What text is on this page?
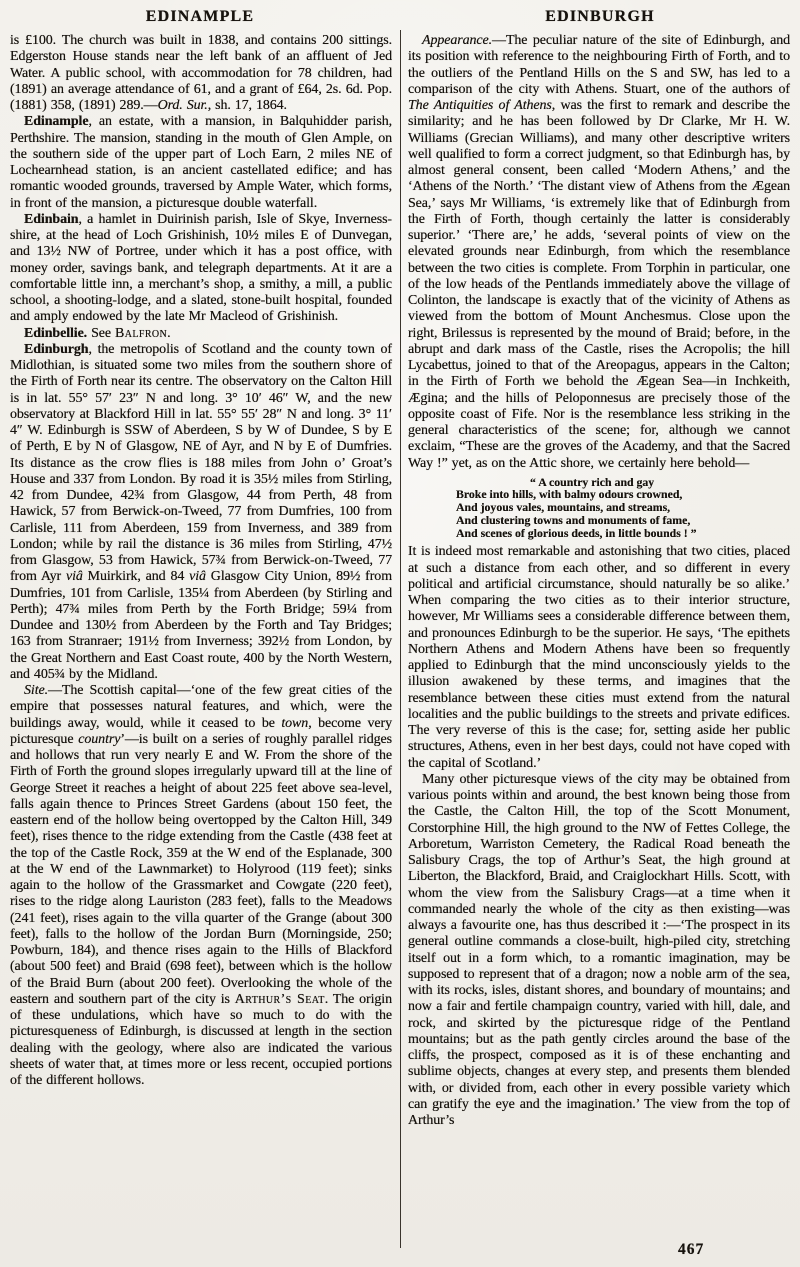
EDINAMPLE	EDINBURGH

is £100. The church was built in 1838, and contains 200 sittings. Edgerston House stands near the left bank of an affluent of Jed Water. A public school, with accommodation for 78 children, had (1891) an average attendance of 61, and a grant of £64, 2s. 6d. Pop. (1881) 358, (1891) 289.—Ord. Sur., sh. 17, 1864.

Edinample, an estate, with a mansion, in Balquhidder parish, Perthshire. The mansion, standing in the mouth of Glen Ample, on the southern side of the upper part of Loch Earn, 2 miles NE of Lochearnhead station, is an ancient castellated edifice; and has romantic wooded grounds, traversed by Ample Water, which forms, in front of the mansion, a picturesque double waterfall.

Edinbain, a hamlet in Duirinish parish, Isle of Skye, Inverness-shire, at the head of Loch Grishinish, 10½ miles E of Dunvegan, and 13½ NW of Portree, under which it has a post office, with money order, savings bank, and telegraph departments. At it are a comfortable little inn, a merchant’s shop, a smithy, a mill, a public school, a shooting-lodge, and a slated, stone-built hospital, founded and amply endowed by the late Mr Macleod of Grishinish.

Edinbellie. See Balfron.

Edinburgh, the metropolis of Scotland and the county town of Midlothian, is situated some two miles from the southern shore of the Firth of Forth near its centre. The observatory on the Calton Hill is in lat. 55° 57′ 23″ N and long. 3° 10′ 46″ W, and the new observatory at Blackford Hill in lat. 55° 55′ 28″ N and long. 3° 11′ 4″ W. Edinburgh is SSW of Aberdeen, S by W of Dundee, S by E of Perth, E by N of Glasgow, NE of Ayr, and N by E of Dumfries. Its distance as the crow flies is 188 miles from John o’ Groat’s House and 337 from London. By road it is 35½ miles from Stirling, 42 from Dundee, 42¾ from Glasgow, 44 from Perth, 48 from Hawick, 57 from Berwick-on-Tweed, 77 from Dumfries, 100 from Carlisle, 111 from Aberdeen, 159 from Inverness, and 389 from London; while by rail the distance is 36 miles from Stirling, 47½ from Glasgow, 53 from Hawick, 57¾ from Berwick-on-Tweed, 77 from Ayr viâ Muirkirk, and 84 viâ Glasgow City Union, 89½ from Dumfries, 101 from Carlisle, 135¼ from Aberdeen (by Stirling and Perth); 47¾ miles from Perth by the Forth Bridge; 59¼ from Dundee and 130½ from Aberdeen by the Forth and Tay Bridges; 163 from Stranraer; 191½ from Inverness; 392½ from London, by the Great Northern and East Coast route, 400 by the North Western, and 405¾ by the Midland.

Site.—The Scottish capital—‘one of the few great cities of the empire that possesses natural features, and which, were the buildings away, would, while it ceased to be town, become very picturesque country’—is built on a series of roughly parallel ridges and hollows that run very nearly E and W. From the shore of the Firth of Forth the ground slopes irregularly upward till at the line of George Street it reaches a height of about 225 feet above sea-level, falls again thence to Princes Street Gardens (about 150 feet, the eastern end of the hollow being overtopped by the Calton Hill, 349 feet), rises thence to the ridge extending from the Castle (438 feet at the top of the Castle Rock, 359 at the W end of the Esplanade, 300 at the W end of the Lawnmarket) to Holyrood (119 feet); sinks again to the hollow of the Grassmarket and Cowgate (220 feet), rises to the ridge along Lauriston (283 feet), falls to the Meadows (241 feet), rises again to the villa quarter of the Grange (about 300 feet), falls to the hollow of the Jordan Burn (Morningside, 250; Powburn, 184), and thence rises again to the Hills of Blackford (about 500 feet) and Braid (698 feet), between which is the hollow of the Braid Burn (about 200 feet). Overlooking the whole of the eastern and southern part of the city is Arthur’s Seat. The origin of these undulations, which have so much to do with the picturesqueness of Edinburgh, is discussed at length in the section dealing with the geology, where also are indicated the various sheets of water that, at times more or less recent, occupied portions of the different hollows.

Appearance.—The peculiar nature of the site of Edinburgh, and its position with reference to the neighbouring Firth of Forth, and to the outliers of the Pentland Hills on the S and SW, has led to a comparison of the city with Athens. Stuart, one of the authors of The Antiquities of Athens, was the first to remark and describe the similarity; and he has been followed by Dr Clarke, Mr H. W. Williams (Grecian Williams), and many other descriptive writers well qualified to form a correct judgment, so that Edinburgh has, by almost general consent, been called ‘Modern Athens,’ and the ‘Athens of the North.’ ‘The distant view of Athens from the Ægean Sea,’ says Mr Williams, ‘is extremely like that of Edinburgh from the Firth of Forth, though certainly the latter is considerably superior.’ ‘There are,’ he adds, ‘several points of view on the elevated grounds near Edinburgh, from which the resemblance between the two cities is complete. From Torphin in particular, one of the low heads of the Pentlands immediately above the village of Colinton, the landscape is exactly that of the vicinity of Athens as viewed from the bottom of Mount Anchesmus. Close upon the right, Brilessus is represented by the mound of Braid; before, in the abrupt and dark mass of the Castle, rises the Acropolis; the hill Lycabettus, joined to that of the Areopagus, appears in the Calton; in the Firth of Forth we behold the Ægean Sea—in Inchkeith, Ægina; and the hills of Peloponnesus are precisely those of the opposite coast of Fife. Nor is the resemblance less striking in the general characteristics of the scene; for, although we cannot exclaim, “These are the groves of the Academy, and that the Sacred Way !” yet, as on the Attic shore, we certainly here behold—

“ A country rich and gay
Broke into hills, with balmy odours crowned,
And joyous vales, mountains, and streams,
And clustering towns and monuments of fame,
And scenes of glorious deeds, in little bounds ! ”

It is indeed most remarkable and astonishing that two cities, placed at such a distance from each other, and so different in every political and artificial circumstance, should naturally be so alike.’ When comparing the two cities as to their interior structure, however, Mr Williams sees a considerable difference between them, and pronounces Edinburgh to be the superior. He says, ‘The epithets Northern Athens and Modern Athens have been so frequently applied to Edinburgh that the mind unconsciously yields to the illusion awakened by these terms, and imagines that the resemblance between these cities must extend from the natural localities and the public buildings to the streets and private edifices. The very reverse of this is the case; for, setting aside her public structures, Athens, even in her best days, could not have coped with the capital of Scotland.’

Many other picturesque views of the city may be obtained from various points within and around, the best known being those from the Castle, the Calton Hill, the top of the Scott Monument, Corstorphine Hill, the high ground to the NW of Fettes College, the Arboretum, Warriston Cemetery, the Radical Road beneath the Salisbury Crags, the top of Arthur’s Seat, the high ground at Liberton, the Blackford, Braid, and Craiglockhart Hills. Scott, with whom the view from the Salisbury Crags—at a time when it commanded nearly the whole of the city as then existing—was always a favourite one, has thus described it :—‘The prospect in its general outline commands a close-built, high-piled city, stretching itself out in a form which, to a romantic imagination, may be supposed to represent that of a dragon; now a noble arm of the sea, with its rocks, isles, distant shores, and boundary of mountains; and now a fair and fertile champaign country, varied with hill, dale, and rock, and skirted by the picturesque ridge of the Pentland mountains; but as the path gently circles around the base of the cliffs, the prospect, composed as it is of these enchanting and sublime objects, changes at every step, and presents them blended with, or divided from, each other in every possible variety which can gratify the eye and the imagination.’ The view from the top of Arthur’s

467
